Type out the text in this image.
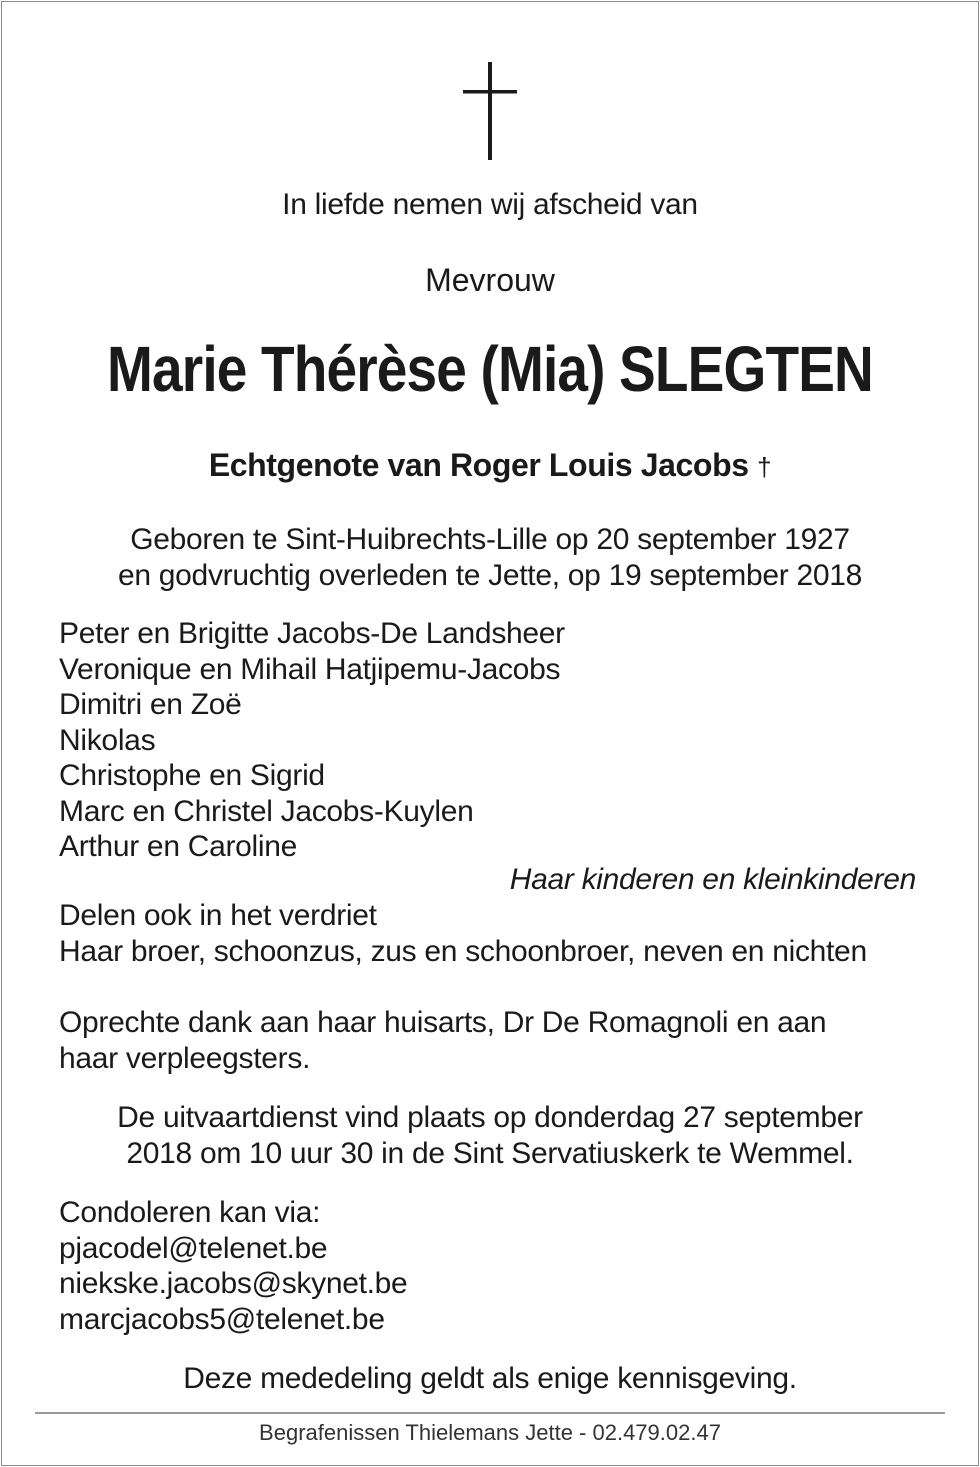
In liefde nemen wij afscheid van
Mevrouw
Marie Thérèse (Mia) SLEGTEN
Echtgenote van Roger Louis Jacobs †
Geboren te Sint-Huibrechts-Lille op 20 september 1927
en godvruchtig overleden te Jette, op 19 september 2018
Peter en Brigitte Jacobs-De Landsheer
Veronique en Mihail Hatjipemu-Jacobs
Dimitri en Zoë
Nikolas
Christophe en Sigrid
Marc en Christel Jacobs-Kuylen
Arthur en Caroline
Haar kinderen en kleinkinderen
Delen ook in het verdriet
Haar broer, schoonzus, zus en schoonbroer, neven en nichten
Oprechte dank aan haar huisarts, Dr De Romagnoli en aan
haar verpleegsters.
De uitvaartdienst vind plaats op donderdag 27 september
2018 om 10 uur 30 in de Sint Servatiuskerk te Wemmel.
Condoleren kan via:
pjacodel@telenet.be
niekske.jacobs@skynet.be
marcjacobs5@telenet.be
Deze mededeling geldt als enige kennisgeving.
Begrafenissen Thielemans Jette - 02.479.02.47
